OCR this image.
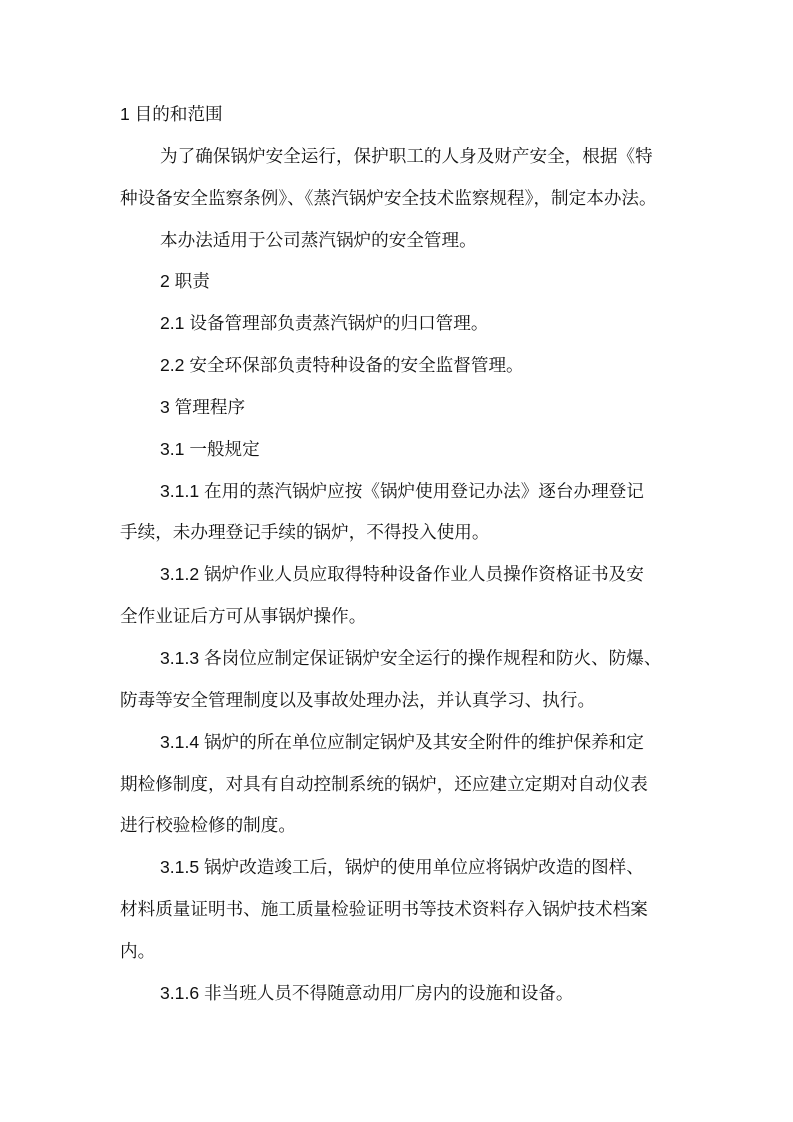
1 目的和范围
为了确保锅炉安全运行，保护职工的人身及财产安全，根据《特
种设备安全监察条例》、《蒸汽锅炉安全技术监察规程》，制定本办法。
本办法适用于公司蒸汽锅炉的安全管理。
2 职责
2.1 设备管理部负责蒸汽锅炉的归口管理。
2.2 安全环保部负责特种设备的安全监督管理。
3 管理程序
3.1 一般规定
3.1.1 在用的蒸汽锅炉应按《锅炉使用登记办法》逐台办理登记
手续，未办理登记手续的锅炉，不得投入使用。
3.1.2 锅炉作业人员应取得特种设备作业人员操作资格证书及安
全作业证后方可从事锅炉操作。
3.1.3 各岗位应制定保证锅炉安全运行的操作规程和防火、防爆、
防毒等安全管理制度以及事故处理办法，并认真学习、执行。
3.1.4 锅炉的所在单位应制定锅炉及其安全附件的维护保养和定
期检修制度，对具有自动控制系统的锅炉，还应建立定期对自动仪表
进行校验检修的制度。
3.1.5 锅炉改造竣工后，锅炉的使用单位应将锅炉改造的图样、
材料质量证明书、施工质量检验证明书等技术资料存入锅炉技术档案
内。
3.1.6 非当班人员不得随意动用厂房内的设施和设备。
